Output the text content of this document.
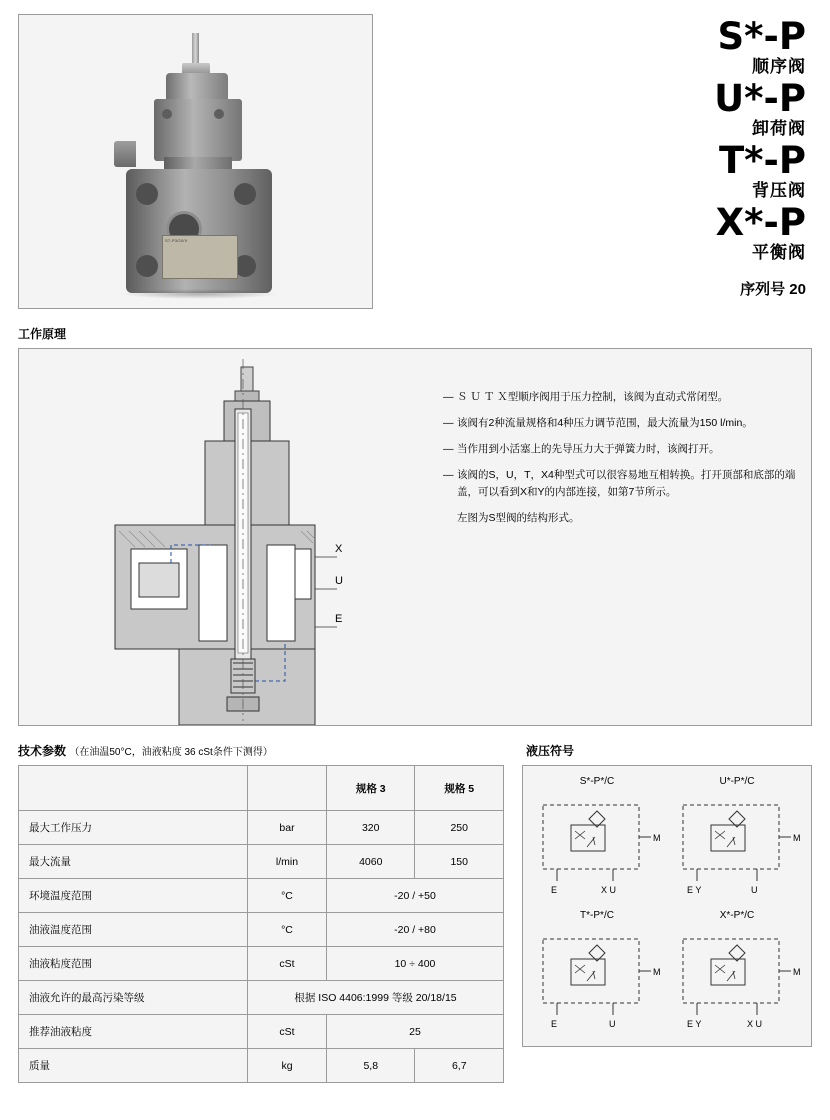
S7-P3/20/V
S*-P
顺序阀
U*-P
卸荷阀
T*-P
背压阀
X*-P
平衡阀
序列号 20
工作原理
X
U
E
— Ｓ Ｕ Ｔ Ｘ型顺序阀用于压力控制，该阀为直动式常闭型。
— 该阀有2种流量规格和4种压力调节范围，最大流量为150 l/min。
— 当作用到小活塞上的先导压力大于弹簧力时，该阀打开。
— 该阀的S，U，T，X4种型式可以很容易地互相转换。打开顶部和底部的端盖，可以看到X和Y的内部连接，如第7节所示。
左图为S型阀的结构形式。
技术参数 （在油温50°C，油液粘度 36 cSt条件下测得）	液压符号
		规格 3	规格 5
最大工作压力	bar	320	250
最大流量	l/min	4060	150
环境温度范围	°C	-20 / +50	
油液温度范围	°C	-20 / +80	
油液粘度范围	cSt	10 ÷ 400	
油液允许的最高污染等级	根据 ISO 4406:1999 等级 20/18/15		
推荐油液粘度	cSt	25	
质量	kg	5,8	6,7
S*-P*/C
M
E	X U
U*-P*/C
M
E Y	U
T*-P*/C
M
E	U
X*-P*/C
M
E Y	X U
